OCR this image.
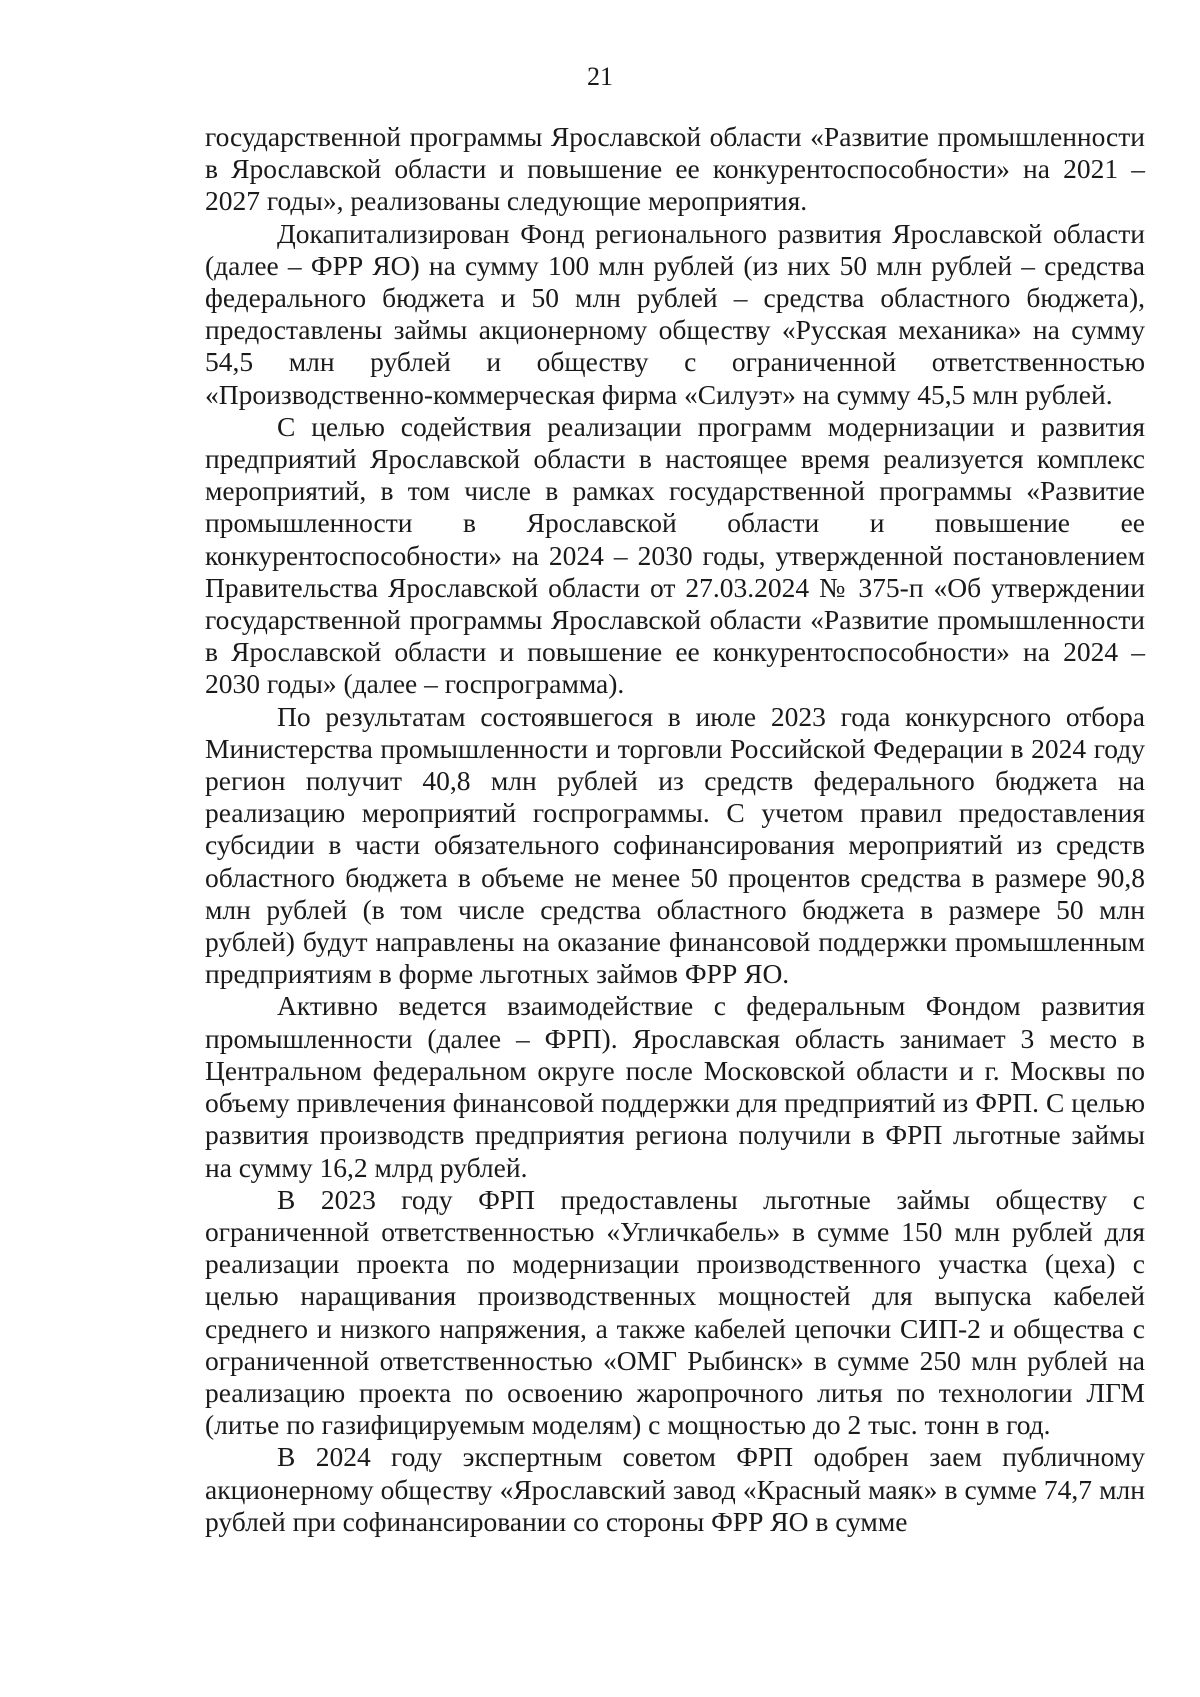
21

государственной программы Ярославской области «Развитие промышленности в Ярославской области и повышение ее конкурентоспособности» на 2021 – 2027 годы», реализованы следующие мероприятия.

Докапитализирован Фонд регионального развития Ярославской области (далее – ФРР ЯО) на сумму 100 млн рублей (из них 50 млн рублей – средства федерального бюджета и 50 млн рублей – средства областного бюджета), предоставлены займы акционерному обществу «Русская механика» на сумму 54,5 млн рублей и обществу с ограниченной ответственностью «Производственно-коммерческая фирма «Силуэт» на сумму 45,5 млн рублей.

С целью содействия реализации программ модернизации и развития предприятий Ярославской области в настоящее время реализуется комплекс мероприятий, в том числе в рамках государственной программы «Развитие промышленности в Ярославской области и повышение ее конкурентоспособности» на 2024 – 2030 годы, утвержденной постановлением Правительства Ярославской области от 27.03.2024 № 375-п «Об утверждении государственной программы Ярославской области «Развитие промышленности в Ярославской области и повышение ее конкурентоспособности» на 2024 – 2030 годы» (далее – госпрограмма).

По результатам состоявшегося в июле 2023 года конкурсного отбора Министерства промышленности и торговли Российской Федерации в 2024 году регион получит 40,8 млн рублей из средств федерального бюджета на реализацию мероприятий госпрограммы. С учетом правил предоставления субсидии в части обязательного софинансирования мероприятий из средств областного бюджета в объеме не менее 50 процентов средства в размере 90,8 млн рублей (в том числе средства областного бюджета в размере 50 млн рублей) будут направлены на оказание финансовой поддержки промышленным предприятиям в форме льготных займов ФРР ЯО.

Активно ведется взаимодействие с федеральным Фондом развития промышленности (далее – ФРП). Ярославская область занимает 3 место в Центральном федеральном округе после Московской области и г. Москвы по объему привлечения финансовой поддержки для предприятий из ФРП. С целью развития производств предприятия региона получили в ФРП льготные займы на сумму 16,2 млрд рублей.

В 2023 году ФРП предоставлены льготные займы обществу с ограниченной ответственностью «Угличкабель» в сумме 150 млн рублей для реализации проекта по модернизации производственного участка (цеха) с целью наращивания производственных мощностей для выпуска кабелей среднего и низкого напряжения, а также кабелей цепочки СИП-2 и общества с ограниченной ответственностью «ОМГ Рыбинск» в сумме 250 млн рублей на реализацию проекта по освоению жаропрочного литья по технологии ЛГМ (литье по газифицируемым моделям) с мощностью до 2 тыс. тонн в год.

В 2024 году экспертным советом ФРП одобрен заем публичному акционерному обществу «Ярославский завод «Красный маяк» в сумме 74,7 млн рублей при софинансировании со стороны ФРР ЯО в сумме
